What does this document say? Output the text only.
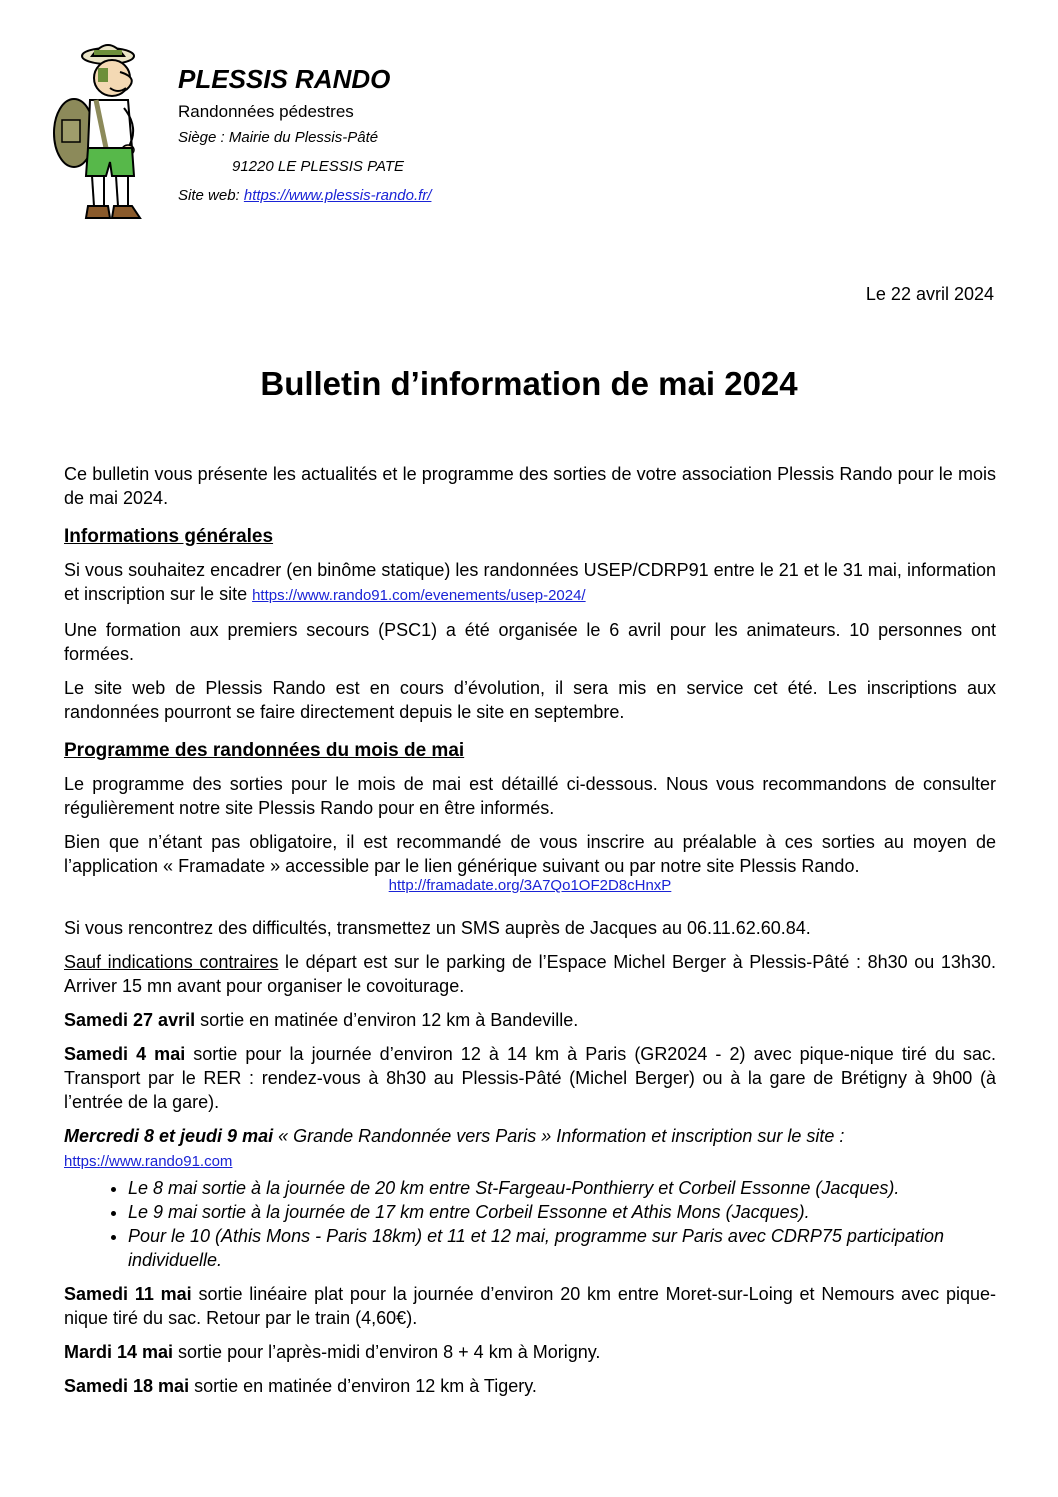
PLESSIS RANDO
Randonnées pédestres
Siège : Mairie du Plessis-Pâté
91220 LE PLESSIS PATE
Site web: https://www.plessis-rando.fr/
Le 22 avril 2024
Bulletin d’information de mai 2024

Ce bulletin vous présente les actualités et le programme des sorties de votre association Plessis Rando pour le mois de mai 2024.

Informations générales

Si vous souhaitez encadrer (en binôme statique) les randonnées USEP/CDRP91 entre le 21 et le 31 mai, information et inscription sur le site https://www.rando91.com/evenements/usep-2024/

Une formation aux premiers secours (PSC1) a été organisée le 6 avril pour les animateurs. 10 personnes ont formées.

Le site web de Plessis Rando est en cours d’évolution, il sera mis en service cet été. Les inscriptions aux randonnées pourront se faire directement depuis le site en septembre.

Programme des randonnées du mois de mai

Le programme des sorties pour le mois de mai est détaillé ci-dessous. Nous vous recommandons de consulter régulièrement notre site Plessis Rando pour en être informés.

Bien que n’étant pas obligatoire, il est recommandé de vous inscrire au préalable à ces sorties au moyen de l’application « Framadate » accessible par le lien générique suivant ou par notre site Plessis Rando.
http://framadate.org/3A7Qo1OF2D8cHnxP

Si vous rencontrez des difficultés, transmettez un SMS auprès de Jacques au 06.11.62.60.84.

Sauf indications contraires le départ est sur le parking de l’Espace Michel Berger à Plessis-Pâté : 8h30 ou 13h30. Arriver 15 mn avant pour organiser le covoiturage.

Samedi 27 avril sortie en matinée d’environ 12 km à Bandeville.

Samedi 4 mai sortie pour la journée d’environ 12 à 14 km à Paris (GR2024 - 2) avec pique-nique tiré du sac. Transport par le RER : rendez-vous à 8h30 au Plessis-Pâté (Michel Berger) ou à la gare de Brétigny à 9h00 (à l’entrée de la gare).

Mercredi 8 et jeudi 9 mai « Grande Randonnée vers Paris » Information et inscription sur le site :
https://www.rando91.com

• Le 8 mai sortie à la journée de 20 km entre St-Fargeau-Ponthierry et Corbeil Essonne (Jacques).
• Le 9 mai sortie à la journée de 17 km entre Corbeil Essonne et Athis Mons (Jacques).
• Pour le 10 (Athis Mons - Paris 18km) et 11 et 12 mai, programme sur Paris avec CDRP75 participation individuelle.

Samedi 11 mai sortie linéaire plat pour la journée d’environ 20 km entre Moret-sur-Loing et Nemours avec pique-nique tiré du sac. Retour par le train (4,60€).

Mardi 14 mai sortie pour l’après-midi d’environ 8 + 4 km à Morigny.

Samedi 18 mai sortie en matinée d’environ 12 km à Tigery.
